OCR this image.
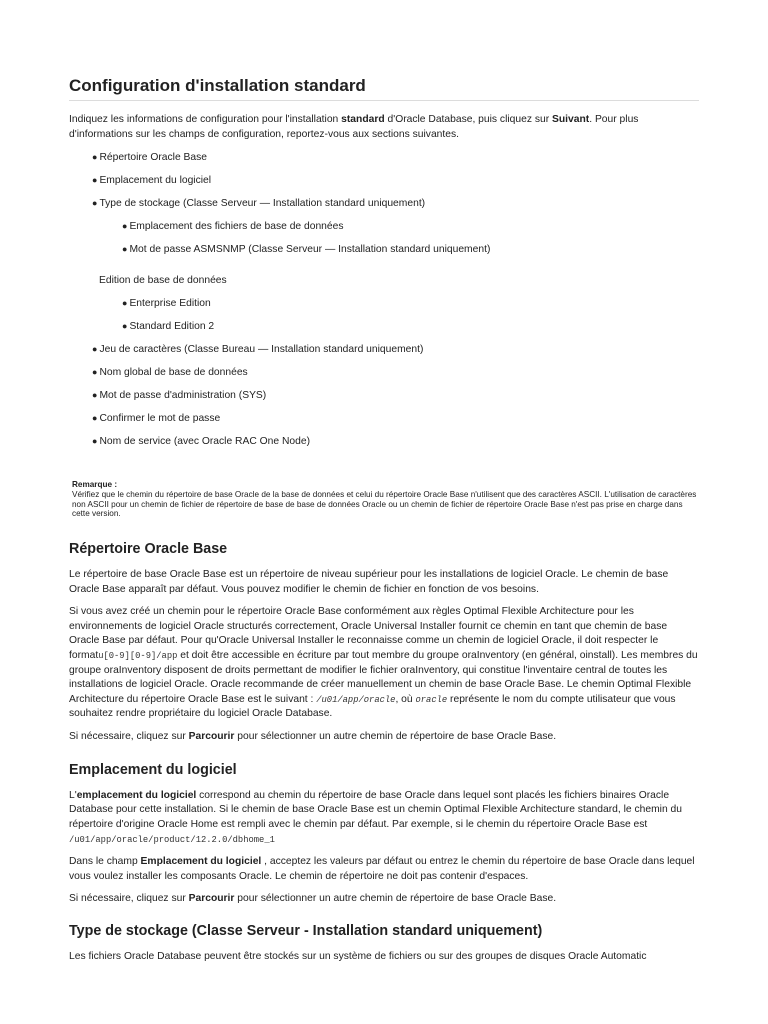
Configuration d'installation standard

Indiquez les informations de configuration pour l'installation standard d'Oracle Database, puis cliquez sur Suivant. Pour plus d'informations sur les champs de configuration, reportez-vous aux sections suivantes.

● Répertoire Oracle Base
● Emplacement du logiciel
● Type de stockage (Classe Serveur — Installation standard uniquement)
● Emplacement des fichiers de base de données
● Mot de passe ASMSNMP (Classe Serveur — Installation standard uniquement)
Edition de base de données
● Enterprise Edition
● Standard Edition 2
● Jeu de caractères (Classe Bureau — Installation standard uniquement)
● Nom global de base de données
● Mot de passe d'administration (SYS)
● Confirmer le mot de passe
● Nom de service (avec Oracle RAC One Node)
Remarque :
Vérifiez que le chemin du répertoire de base Oracle de la base de données et celui du répertoire Oracle Base n'utilisent que des caractères ASCII. L'utilisation de caractères non ASCII pour un chemin de fichier de répertoire de base de base de données Oracle ou un chemin de fichier de répertoire Oracle Base n'est pas prise en charge dans cette version.
Répertoire Oracle Base

Le répertoire de base Oracle Base est un répertoire de niveau supérieur pour les installations de logiciel Oracle. Le chemin de base Oracle Base apparaît par défaut. Vous pouvez modifier le chemin de fichier en fonction de vos besoins.

Si vous avez créé un chemin pour le répertoire Oracle Base conformément aux règles Optimal Flexible Architecture pour les environnements de logiciel Oracle structurés correctement, Oracle Universal Installer fournit ce chemin en tant que chemin de base Oracle Base par défaut. Pour qu'Oracle Universal Installer le reconnaisse comme un chemin de logiciel Oracle, il doit respecter le formatu[0-9][0-9]/app et doit être accessible en écriture par tout membre du groupe oraInventory (en général, oinstall). Les membres du groupe oraInventory disposent de droits permettant de modifier le fichier oraInventory, qui constitue l'inventaire central de toutes les installations de logiciel Oracle. Oracle recommande de créer manuellement un chemin de base Oracle Base. Le chemin Optimal Flexible Architecture du répertoire Oracle Base est le suivant : /u01/app/oracle, où oracle représente le nom du compte utilisateur que vous souhaitez rendre propriétaire du logiciel Oracle Database.

Si nécessaire, cliquez sur Parcourir pour sélectionner un autre chemin de répertoire de base Oracle Base.

Emplacement du logiciel

L'emplacement du logiciel correspond au chemin du répertoire de base Oracle dans lequel sont placés les fichiers binaires Oracle Database pour cette installation. Si le chemin de base Oracle Base est un chemin Optimal Flexible Architecture standard, le chemin du répertoire d'origine Oracle Home est rempli avec le chemin par défaut. Par exemple, si le chemin du répertoire Oracle Base est

/u01/app/oracle/product/12.2.0/dbhome_1

Dans le champ Emplacement du logiciel , acceptez les valeurs par défaut ou entrez le chemin du répertoire de base Oracle dans lequel vous voulez installer les composants Oracle. Le chemin de répertoire ne doit pas contenir d'espaces.

Si nécessaire, cliquez sur Parcourir pour sélectionner un autre chemin de répertoire de base Oracle Base.

Type de stockage (Classe Serveur - Installation standard uniquement)

Les fichiers Oracle Database peuvent être stockés sur un système de fichiers ou sur des groupes de disques Oracle Automatic
